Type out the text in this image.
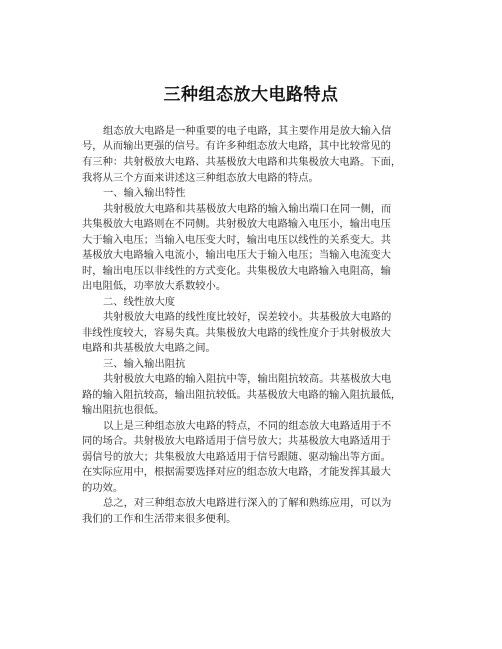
三种组态放大电路特点
组态放大电路是一种重要的电子电路，其主要作用是放大输入信
号，从而输出更强的信号。有许多种组态放大电路，其中比较常见的
有三种：共射极放大电路、共基极放大电路和共集极放大电路。下面，
我将从三个方面来讲述这三种组态放大电路的特点。
一、输入输出特性
共射极放大电路和共基极放大电路的输入输出端口在同一侧，而
共集极放大电路则在不同侧。共射极放大电路输入电压小，输出电压
大于输入电压；当输入电压变大时，输出电压以线性的关系变大。共
基极放大电路输入电流小，输出电压大于输入电压；当输入电流变大
时，输出电压以非线性的方式变化。共集极放大电路输入电阻高，输
出电阻低，功率放大系数较小。
二、线性放大度
共射极放大电路的线性度比较好，误差较小。共基极放大电路的
非线性度较大，容易失真。共集极放大电路的线性度介于共射极放大
电路和共基极放大电路之间。
三、输入输出阻抗
共射极放大电路的输入阻抗中等，输出阻抗较高。共基极放大电
路的输入阻抗较高，输出阻抗较低。共基极放大电路的输入阻抗最低，
输出阻抗也很低。
以上是三种组态放大电路的特点，不同的组态放大电路适用于不
同的场合。共射极放大电路适用于信号放大；共基极放大电路适用于
弱信号的放大；共集极放大电路适用于信号跟随、驱动输出等方面。
在实际应用中，根据需要选择对应的组态放大电路，才能发挥其最大
的功效。
总之，对三种组态放大电路进行深入的了解和熟练应用，可以为
我们的工作和生活带来很多便利。
